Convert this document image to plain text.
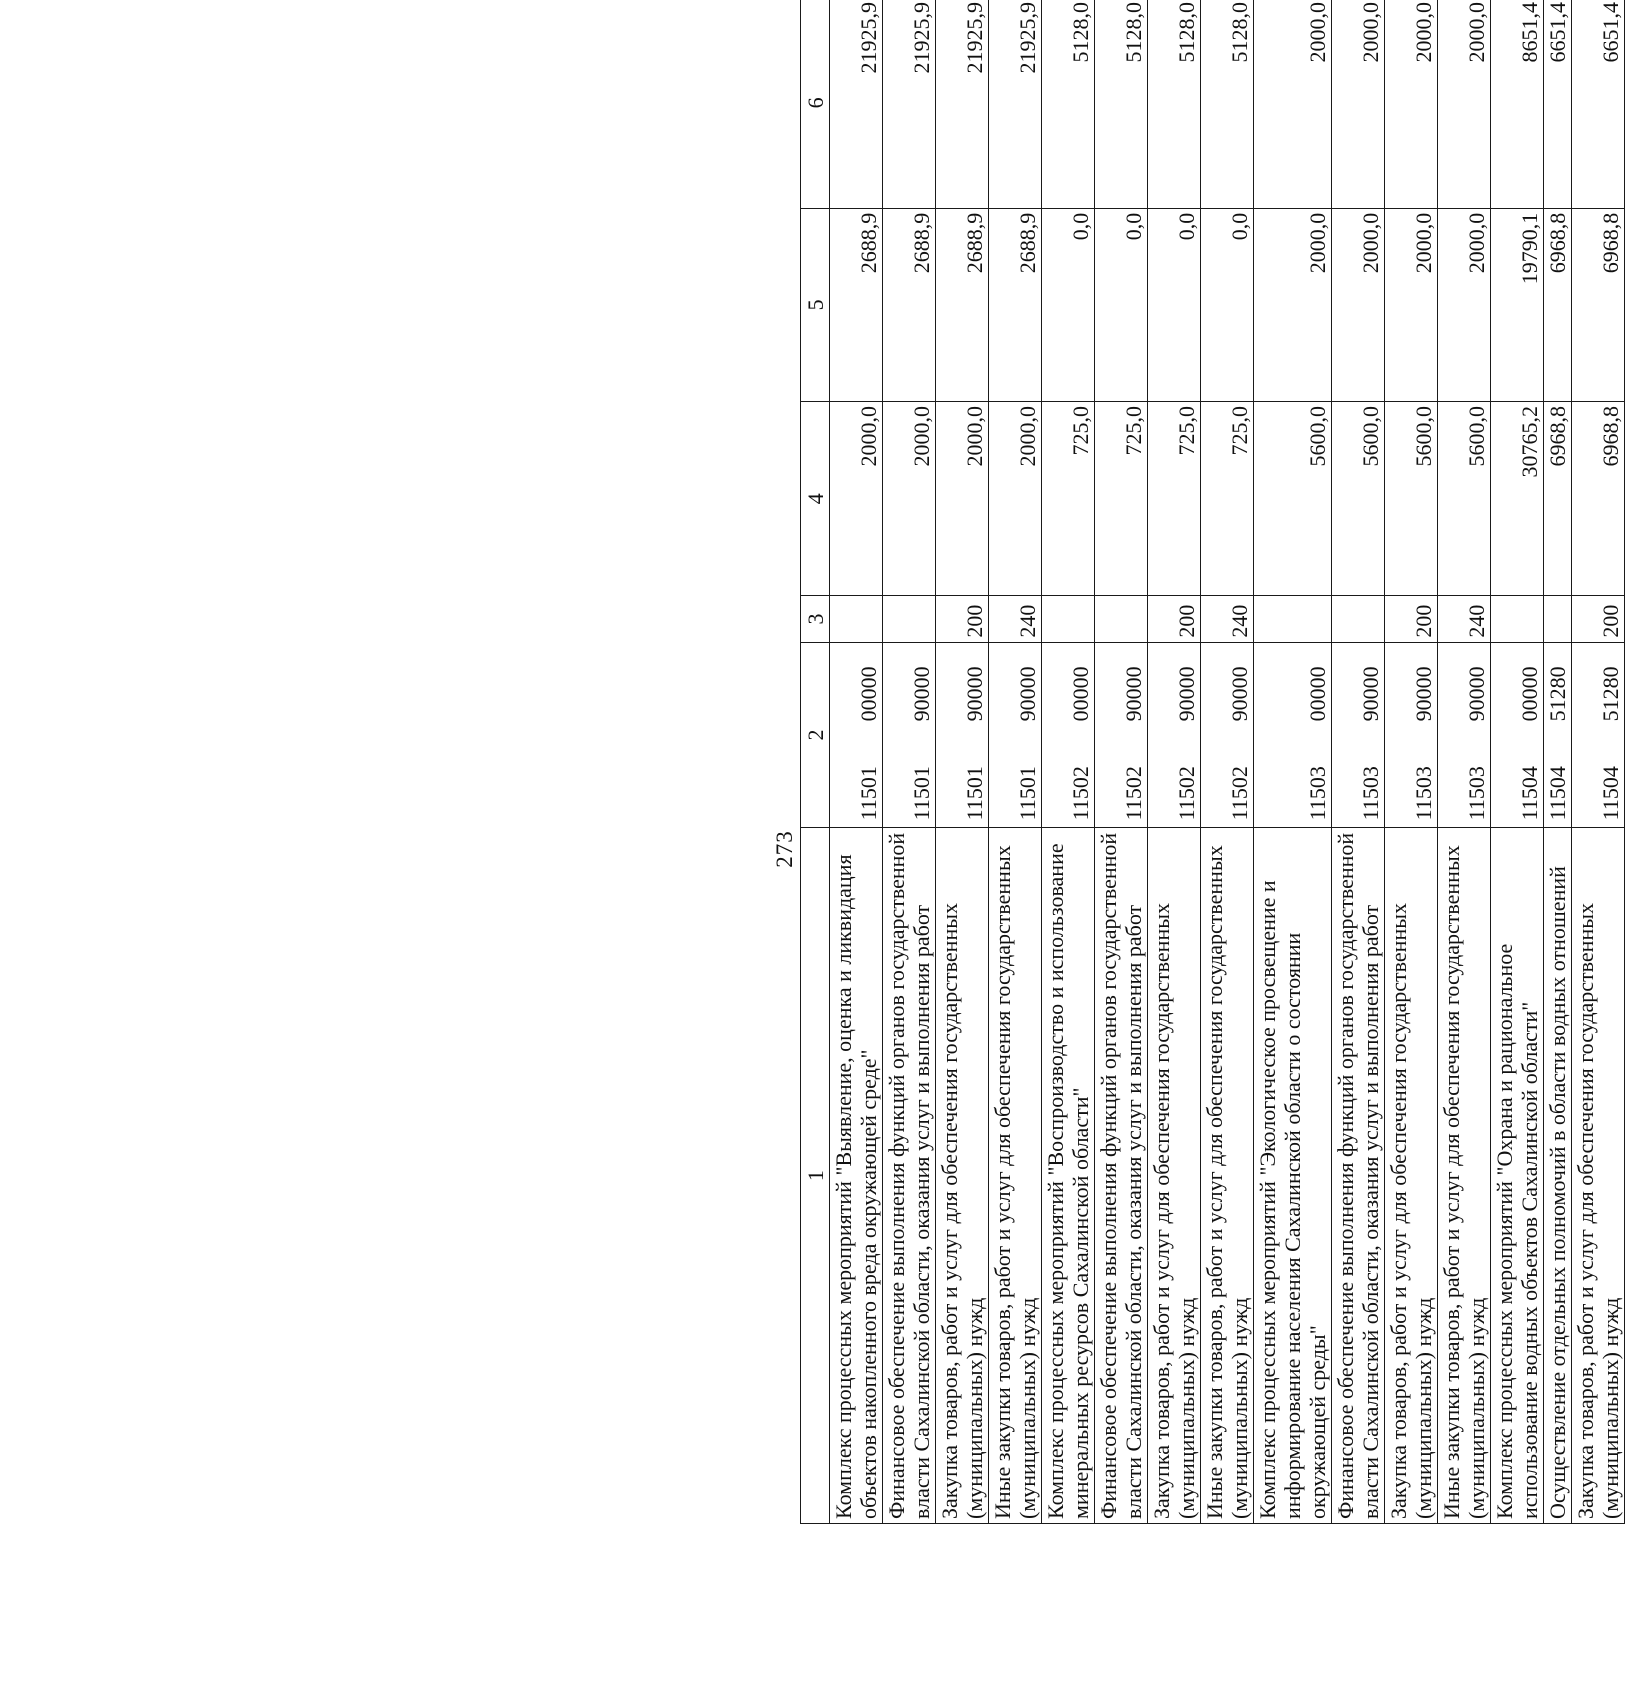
273
1	2	3	4	5	6
Комплекс процессных мероприятий "Выявление, оценка и ликвидация объектов накопленного вреда окружающей среде"	1150100000		2000,0	2688,9	21925,9
Финансовое обеспечение выполнения функций органов государственной власти Сахалинской области, оказания услуг и выполнения работ	1150190000		2000,0	2688,9	21925,9
Закупка товаров, работ и услуг для обеспечения государственных (муниципальных) нужд	1150190000	200	2000,0	2688,9	21925,9
Иные закупки товаров, работ и услуг для обеспечения государственных (муниципальных) нужд	1150190000	240	2000,0	2688,9	21925,9
Комплекс процессных мероприятий "Воспроизводство и использование минеральных ресурсов Сахалинской области"	1150200000		725,0	0,0	5128,0
Финансовое обеспечение выполнения функций органов государственной власти Сахалинской области, оказания услуг и выполнения работ	1150290000		725,0	0,0	5128,0
Закупка товаров, работ и услуг для обеспечения государственных (муниципальных) нужд	1150290000	200	725,0	0,0	5128,0
Иные закупки товаров, работ и услуг для обеспечения государственных (муниципальных) нужд	1150290000	240	725,0	0,0	5128,0
Комплекс процессных мероприятий "Экологическое просвещение и информирование населения Сахалинской области о состоянии окружающей среды"	1150300000		5600,0	2000,0	2000,0
Финансовое обеспечение выполнения функций органов государственной власти Сахалинской области, оказания услуг и выполнения работ	1150390000		5600,0	2000,0	2000,0
Закупка товаров, работ и услуг для обеспечения государственных (муниципальных) нужд	1150390000	200	5600,0	2000,0	2000,0
Иные закупки товаров, работ и услуг для обеспечения государственных (муниципальных) нужд	1150390000	240	5600,0	2000,0	2000,0
Комплекс процессных мероприятий "Охрана и рациональное использование водных объектов Сахалинской области"	1150400000		30765,2	19790,1	8651,4
Осуществление отдельных полномочий в области водных отношений	1150451280		6968,8	6968,8	6651,4
Закупка товаров, работ и услуг для обеспечения государственных (муниципальных) нужд	1150451280	200	6968,8	6968,8	6651,4
